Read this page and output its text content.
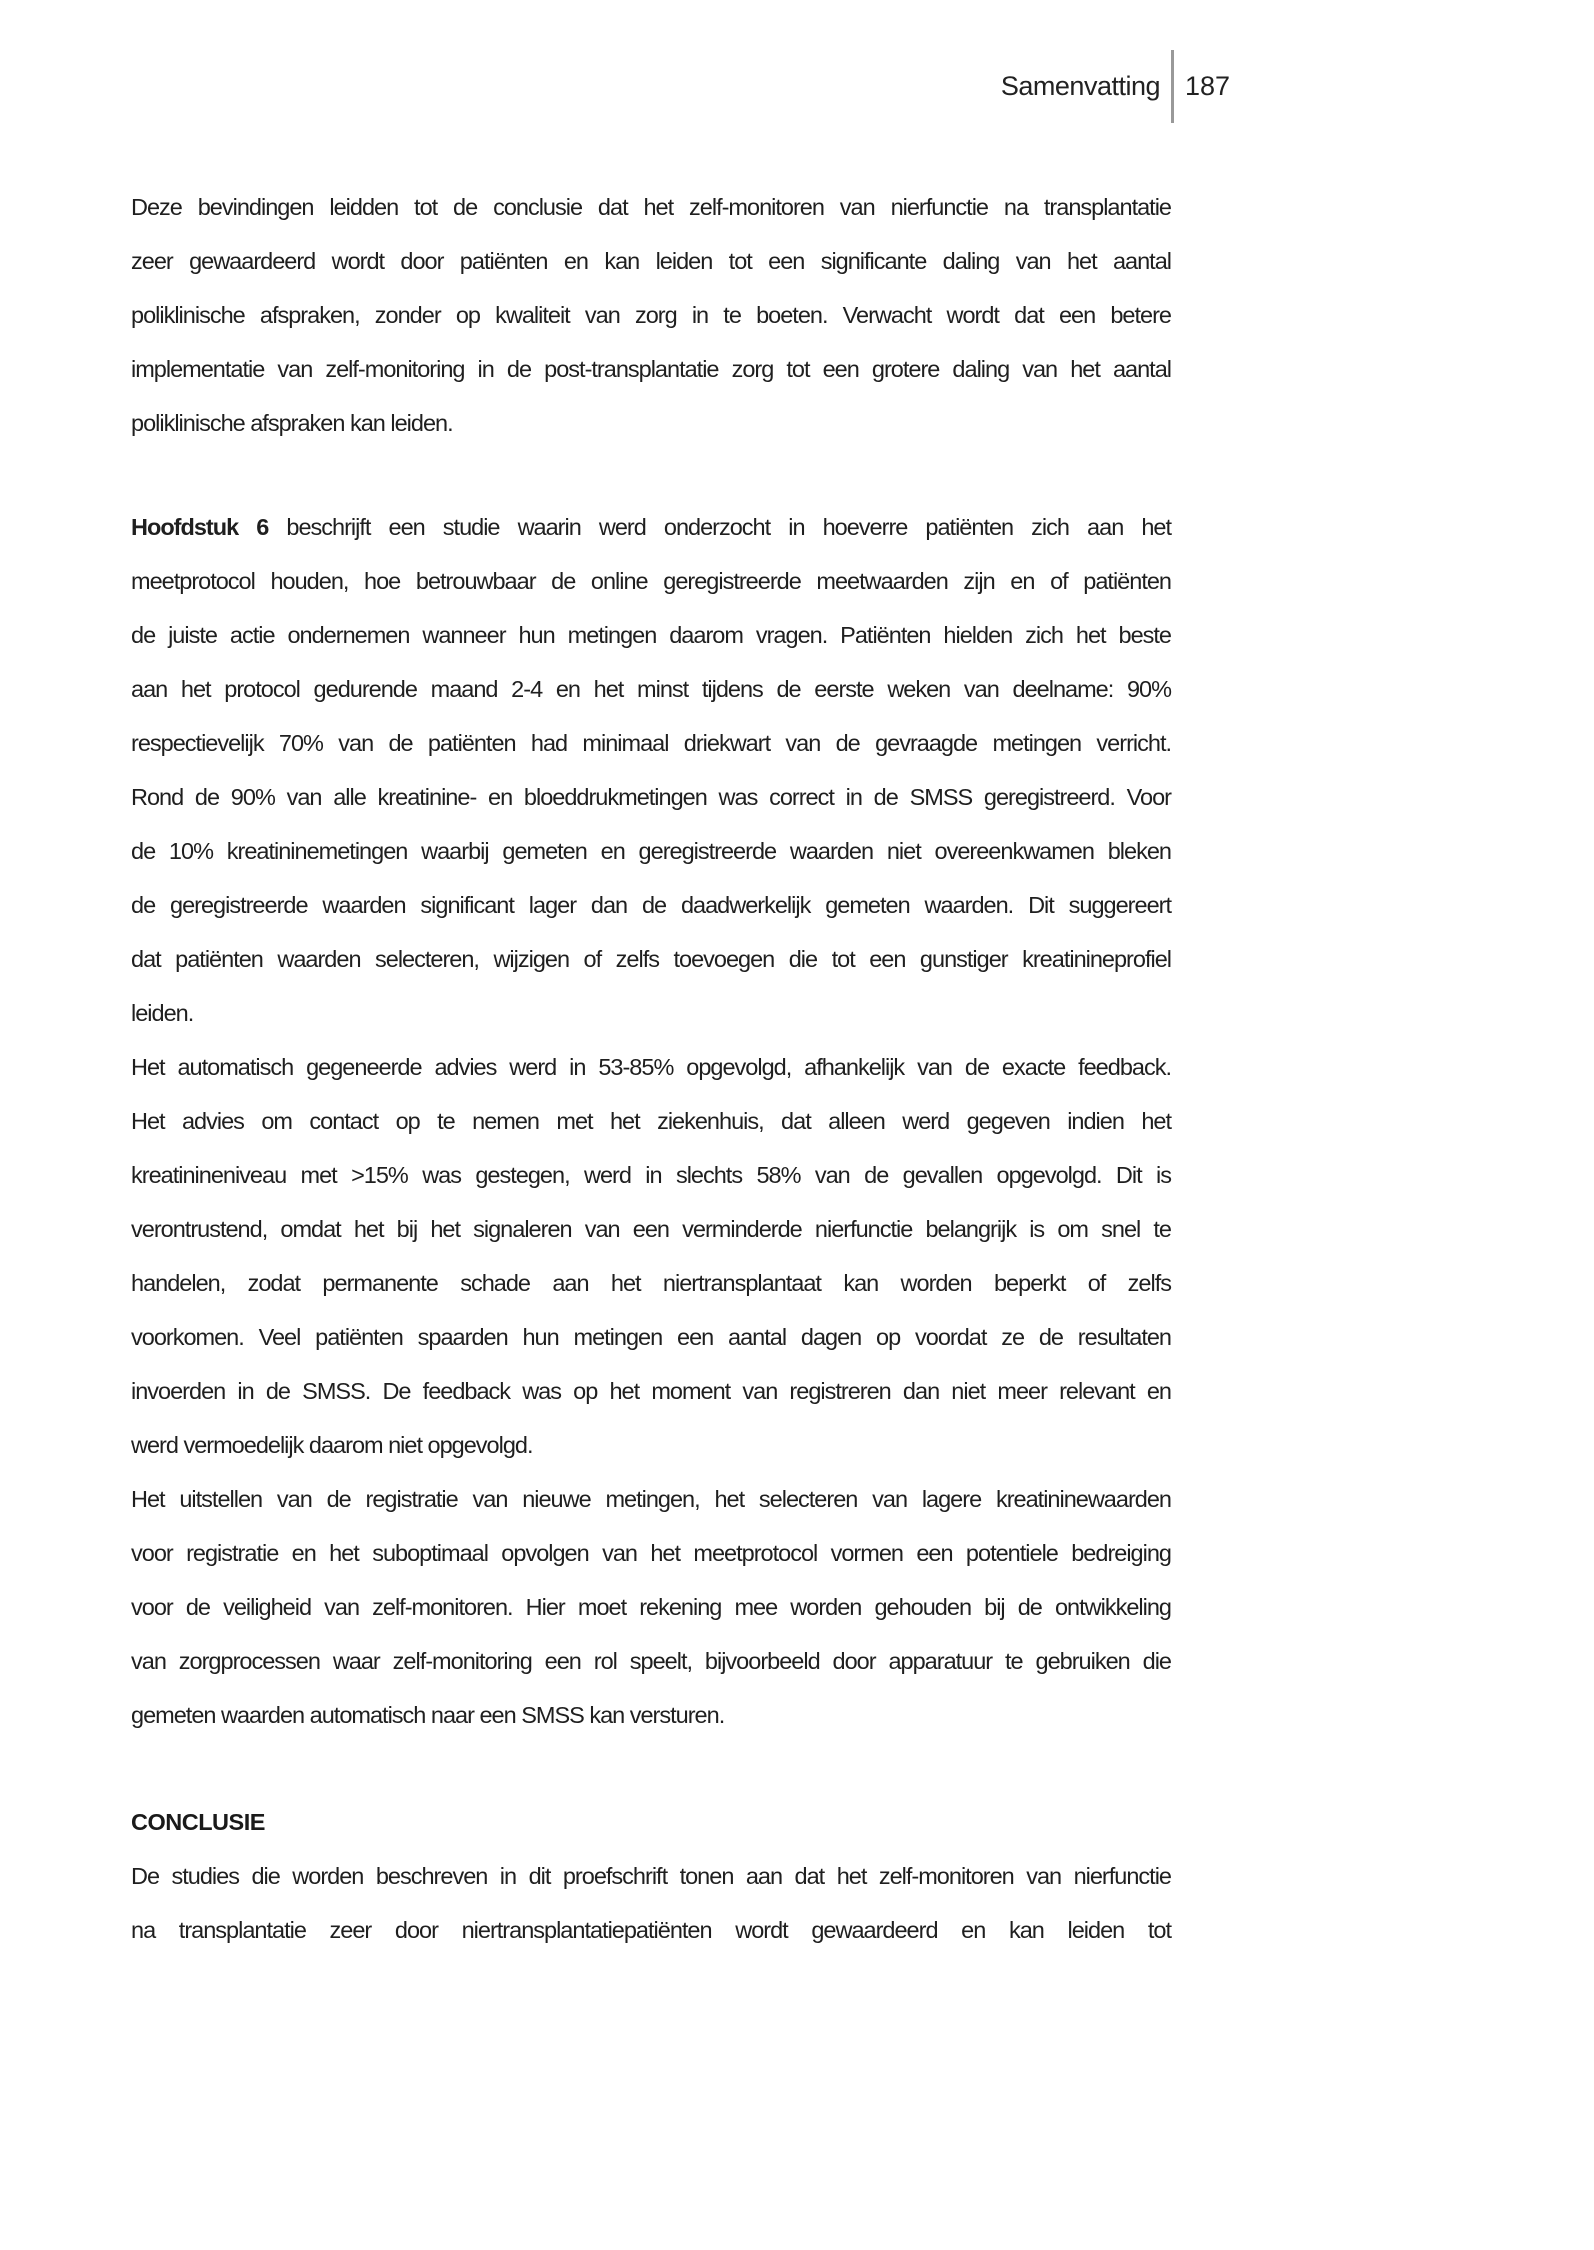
Samenvatting 187
Deze bevindingen leidden tot de conclusie dat het zelf-monitoren van nierfunctie na transplantatie
zeer gewaardeerd wordt door patiënten en kan leiden tot een significante daling van het aantal
poliklinische afspraken, zonder op kwaliteit van zorg in te boeten. Verwacht wordt dat een betere
implementatie van zelf-monitoring in de post-transplantatie zorg tot een grotere daling van het aantal
poliklinische afspraken kan leiden.
Hoofdstuk 6 beschrijft een studie waarin werd onderzocht in hoeverre patiënten zich aan het
meetprotocol houden, hoe betrouwbaar de online geregistreerde meetwaarden zijn en of patiënten
de juiste actie ondernemen wanneer hun metingen daarom vragen. Patiënten hielden zich het beste
aan het protocol gedurende maand 2-4 en het minst tijdens de eerste weken van deelname: 90%
respectievelijk 70% van de patiënten had minimaal driekwart van de gevraagde metingen verricht.
Rond de 90% van alle kreatinine- en bloeddrukmetingen was correct in de SMSS geregistreerd. Voor
de 10% kreatininemetingen waarbij gemeten en geregistreerde waarden niet overeenkwamen bleken
de geregistreerde waarden significant lager dan de daadwerkelijk gemeten waarden. Dit suggereert
dat patiënten waarden selecteren, wijzigen of zelfs toevoegen die tot een gunstiger kreatinineprofiel
leiden.
Het automatisch gegeneerde advies werd in 53-85% opgevolgd, afhankelijk van de exacte feedback.
Het advies om contact op te nemen met het ziekenhuis, dat alleen werd gegeven indien het
kreatinineniveau met >15% was gestegen, werd in slechts 58% van de gevallen opgevolgd. Dit is
verontrustend, omdat het bij het signaleren van een verminderde nierfunctie belangrijk is om snel te
handelen, zodat permanente schade aan het niertransplantaat kan worden beperkt of zelfs
voorkomen. Veel patiënten spaarden hun metingen een aantal dagen op voordat ze de resultaten
invoerden in de SMSS. De feedback was op het moment van registreren dan niet meer relevant en
werd vermoedelijk daarom niet opgevolgd.
Het uitstellen van de registratie van nieuwe metingen, het selecteren van lagere kreatininewaarden
voor registratie en het suboptimaal opvolgen van het meetprotocol vormen een potentiele bedreiging
voor de veiligheid van zelf-monitoren. Hier moet rekening mee worden gehouden bij de ontwikkeling
van zorgprocessen waar zelf-monitoring een rol speelt, bijvoorbeeld door apparatuur te gebruiken die
gemeten waarden automatisch naar een SMSS kan versturen.
CONCLUSIE
De studies die worden beschreven in dit proefschrift tonen aan dat het zelf-monitoren van nierfunctie
na transplantatie zeer door niertransplantatiepatiënten wordt gewaardeerd en kan leiden tot
